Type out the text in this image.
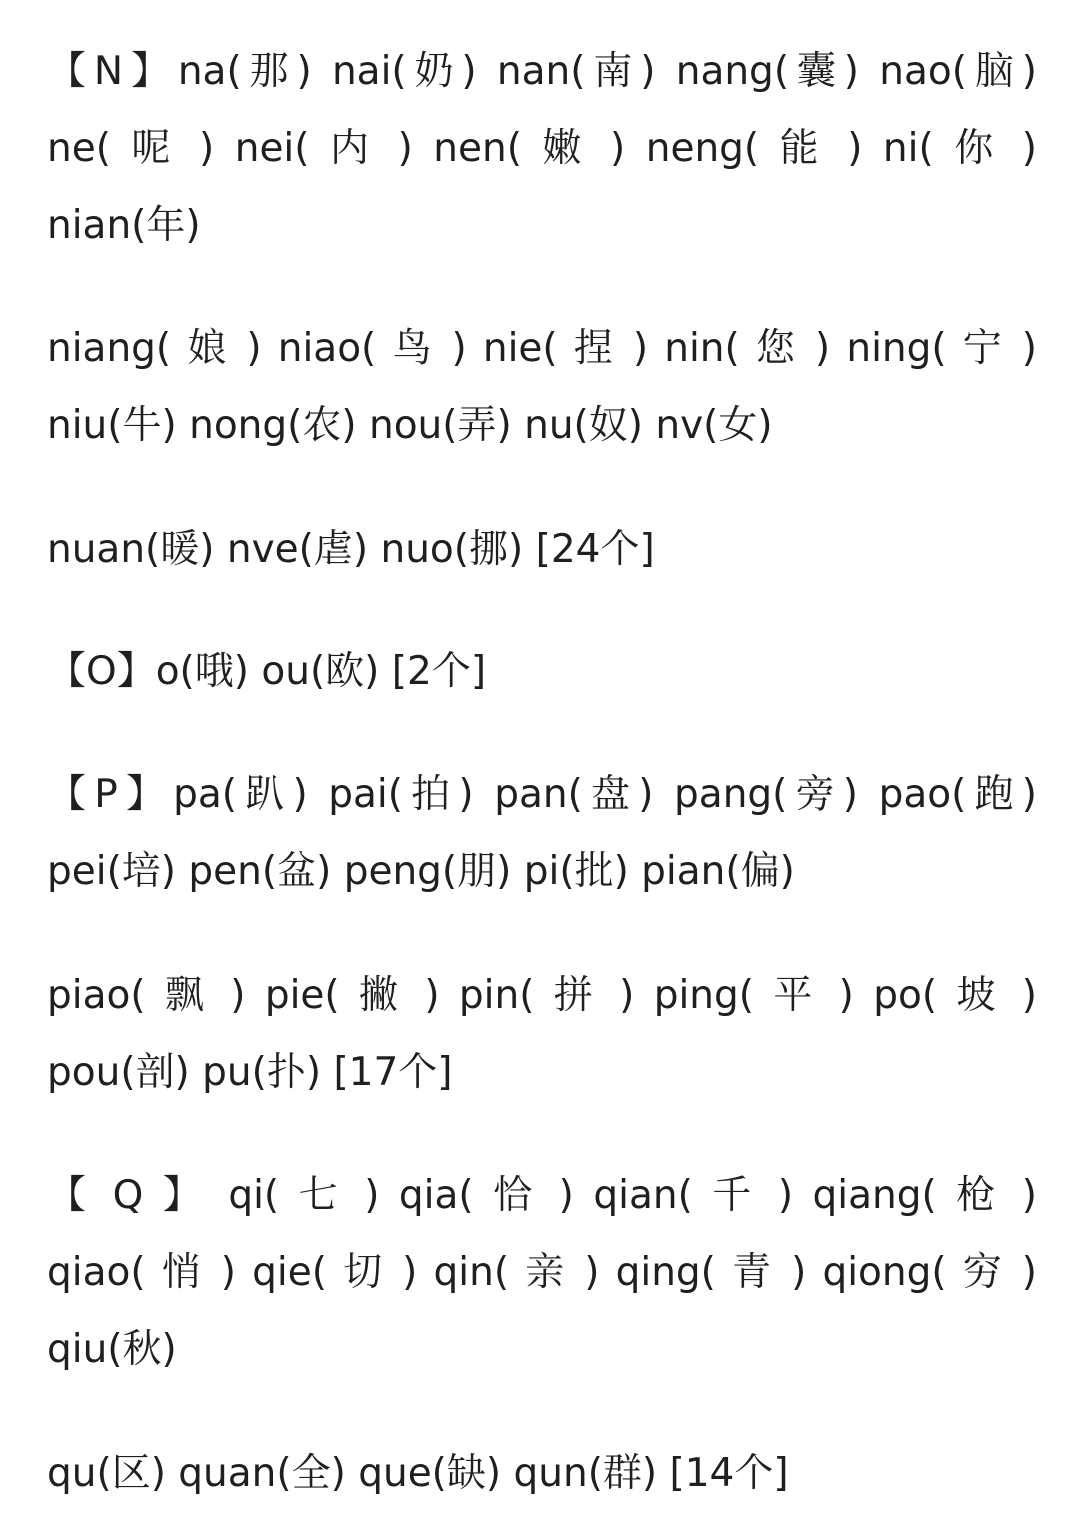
【N】na(那) nai(奶) nan(南) nang(囊) nao(脑)
ne( 呢 ) nei( 内 ) nen( 嫩 ) neng( 能 ) ni( 你 )
nian(年)

niang( 娘 ) niao( 鸟 ) nie( 捏 ) nin( 您 ) ning( 宁 )
niu(牛) nong(农) nou(弄) nu(奴) nv(女)

nuan(暖) nve(虐) nuo(挪) [24个]

【O】o(哦) ou(欧) [2个]

【P】pa(趴) pai(拍) pan(盘) pang(旁) pao(跑)
pei(培) pen(盆) peng(朋) pi(批) pian(偏)

piao( 飘 ) pie( 撇 ) pin( 拼 ) ping( 平 ) po( 坡 )
pou(剖) pu(扑) [17个]

【 Q 】 qi( 七 ) qia( 恰 ) qian( 千 ) qiang( 枪 )
qiao( 悄 ) qie( 切 ) qin( 亲 ) qing( 青 ) qiong( 穷 )
qiu(秋)

qu(区) quan(全) que(缺) qun(群) [14个]
